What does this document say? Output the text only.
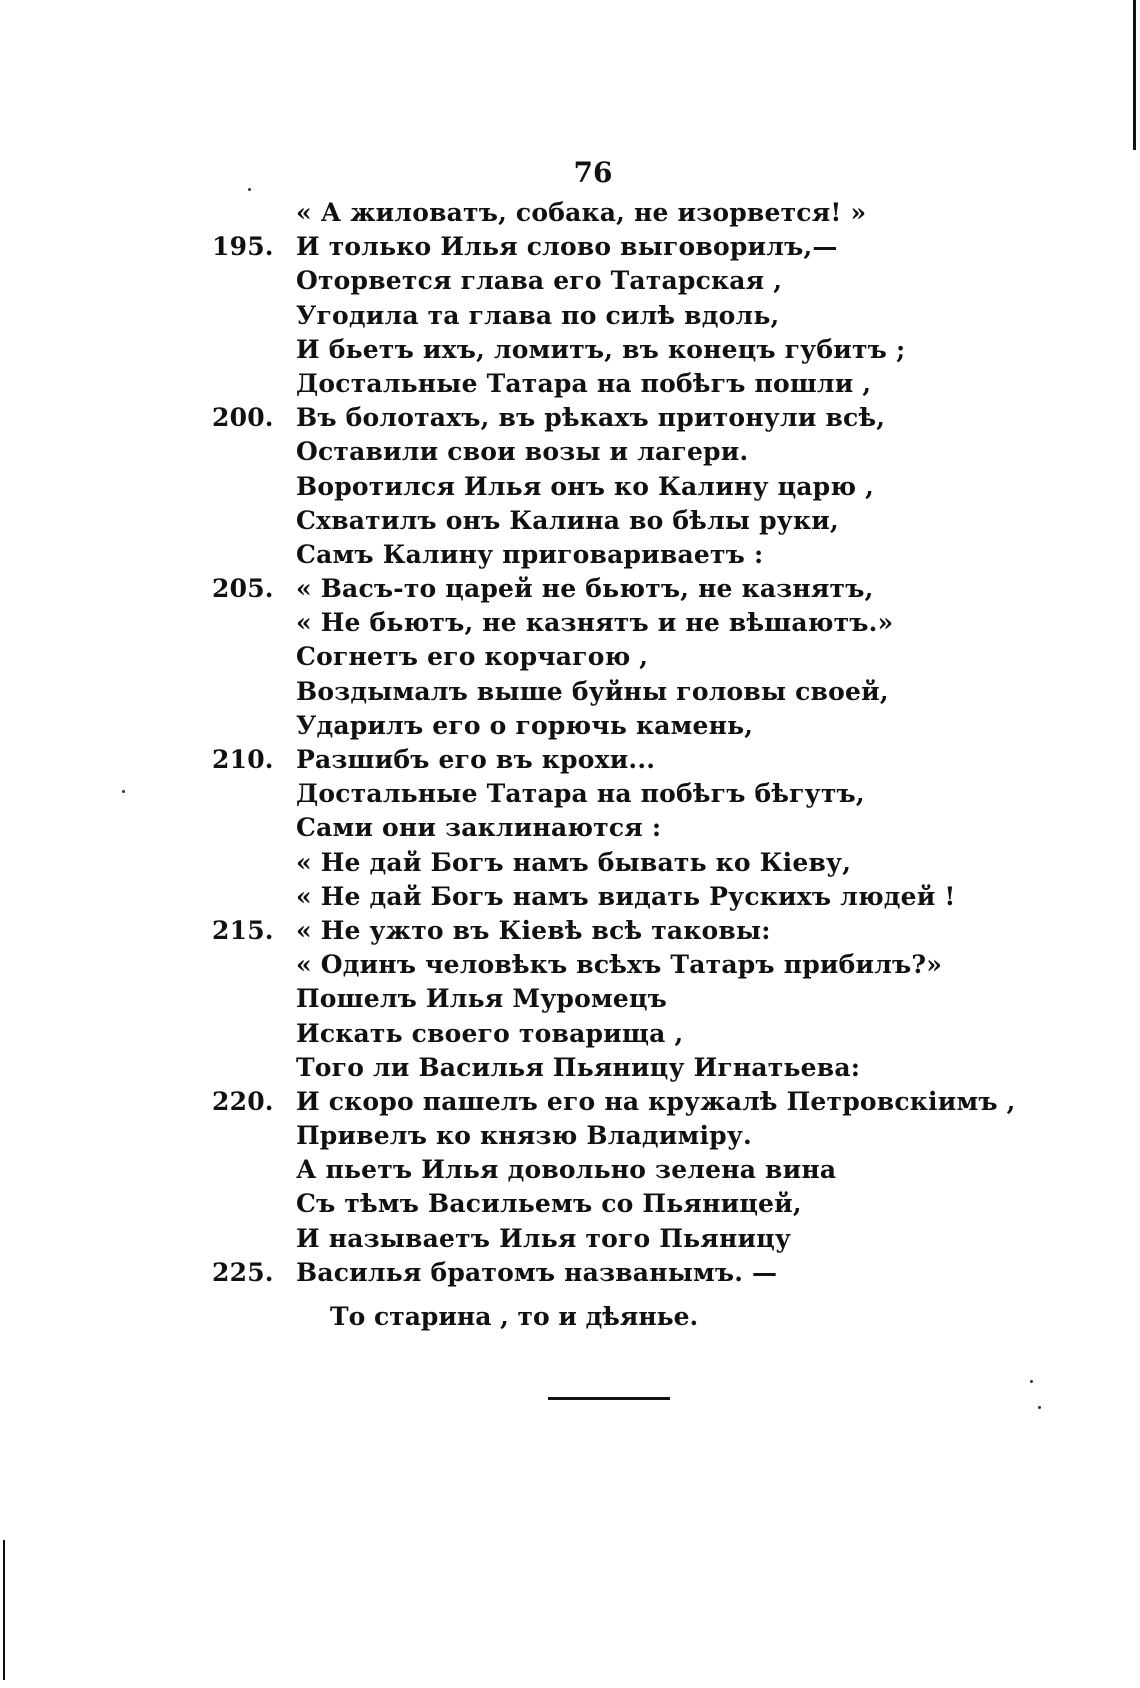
76
« А жиловатъ, собака, не изорвется! »
195. И только Илья слово выговорилъ,—
Оторвется глава его Татарская ,
Угодила та глава по силѣ вдоль,
И бьетъ ихъ, ломитъ, въ конецъ губитъ ;
Достальные Татара на побѣгъ пошли ,
200. Въ болотахъ, въ рѣкахъ притонули всѣ,
Оставили свои возы и лагери.
Воротился Илья онъ ко Калину царю ,
Схватилъ онъ Калина во бѣлы руки,
Самъ Калину приговариваетъ :
205. « Васъ-то царей не бьютъ, не казнятъ,
« Не бьютъ, не казнятъ и не вѣшаютъ.»
Согнетъ его корчагою ,
Воздымалъ выше буйны головы своей,
Ударилъ его о горючь камень,
210. Разшибъ его въ крохи...
Достальные Татара на побѣгъ бѣгутъ,
Сами они заклинаются :
« Не дай Богъ намъ бывать ко Кіеву,
« Не дай Богъ намъ видать Рускихъ людей !
215. « Не ужто въ Кіевѣ всѣ таковы:
« Одинъ человѣкъ всѣхъ Татаръ прибилъ?»
Пошелъ Илья Муромецъ
Искать своего товарища ,
Того ли Василья Пьяницу Игнатьева:
220. И скоро пашелъ его на кружалѣ Петровскіимъ ,
Привелъ ко князю Владиміру.
А пьетъ Илья довольно зелена вина
Съ тѣмъ Васильемъ со Пьяницей,
И называетъ Илья того Пьяницу
225. Василья братомъ названымъ. —
То старина , то и дѣянье.
